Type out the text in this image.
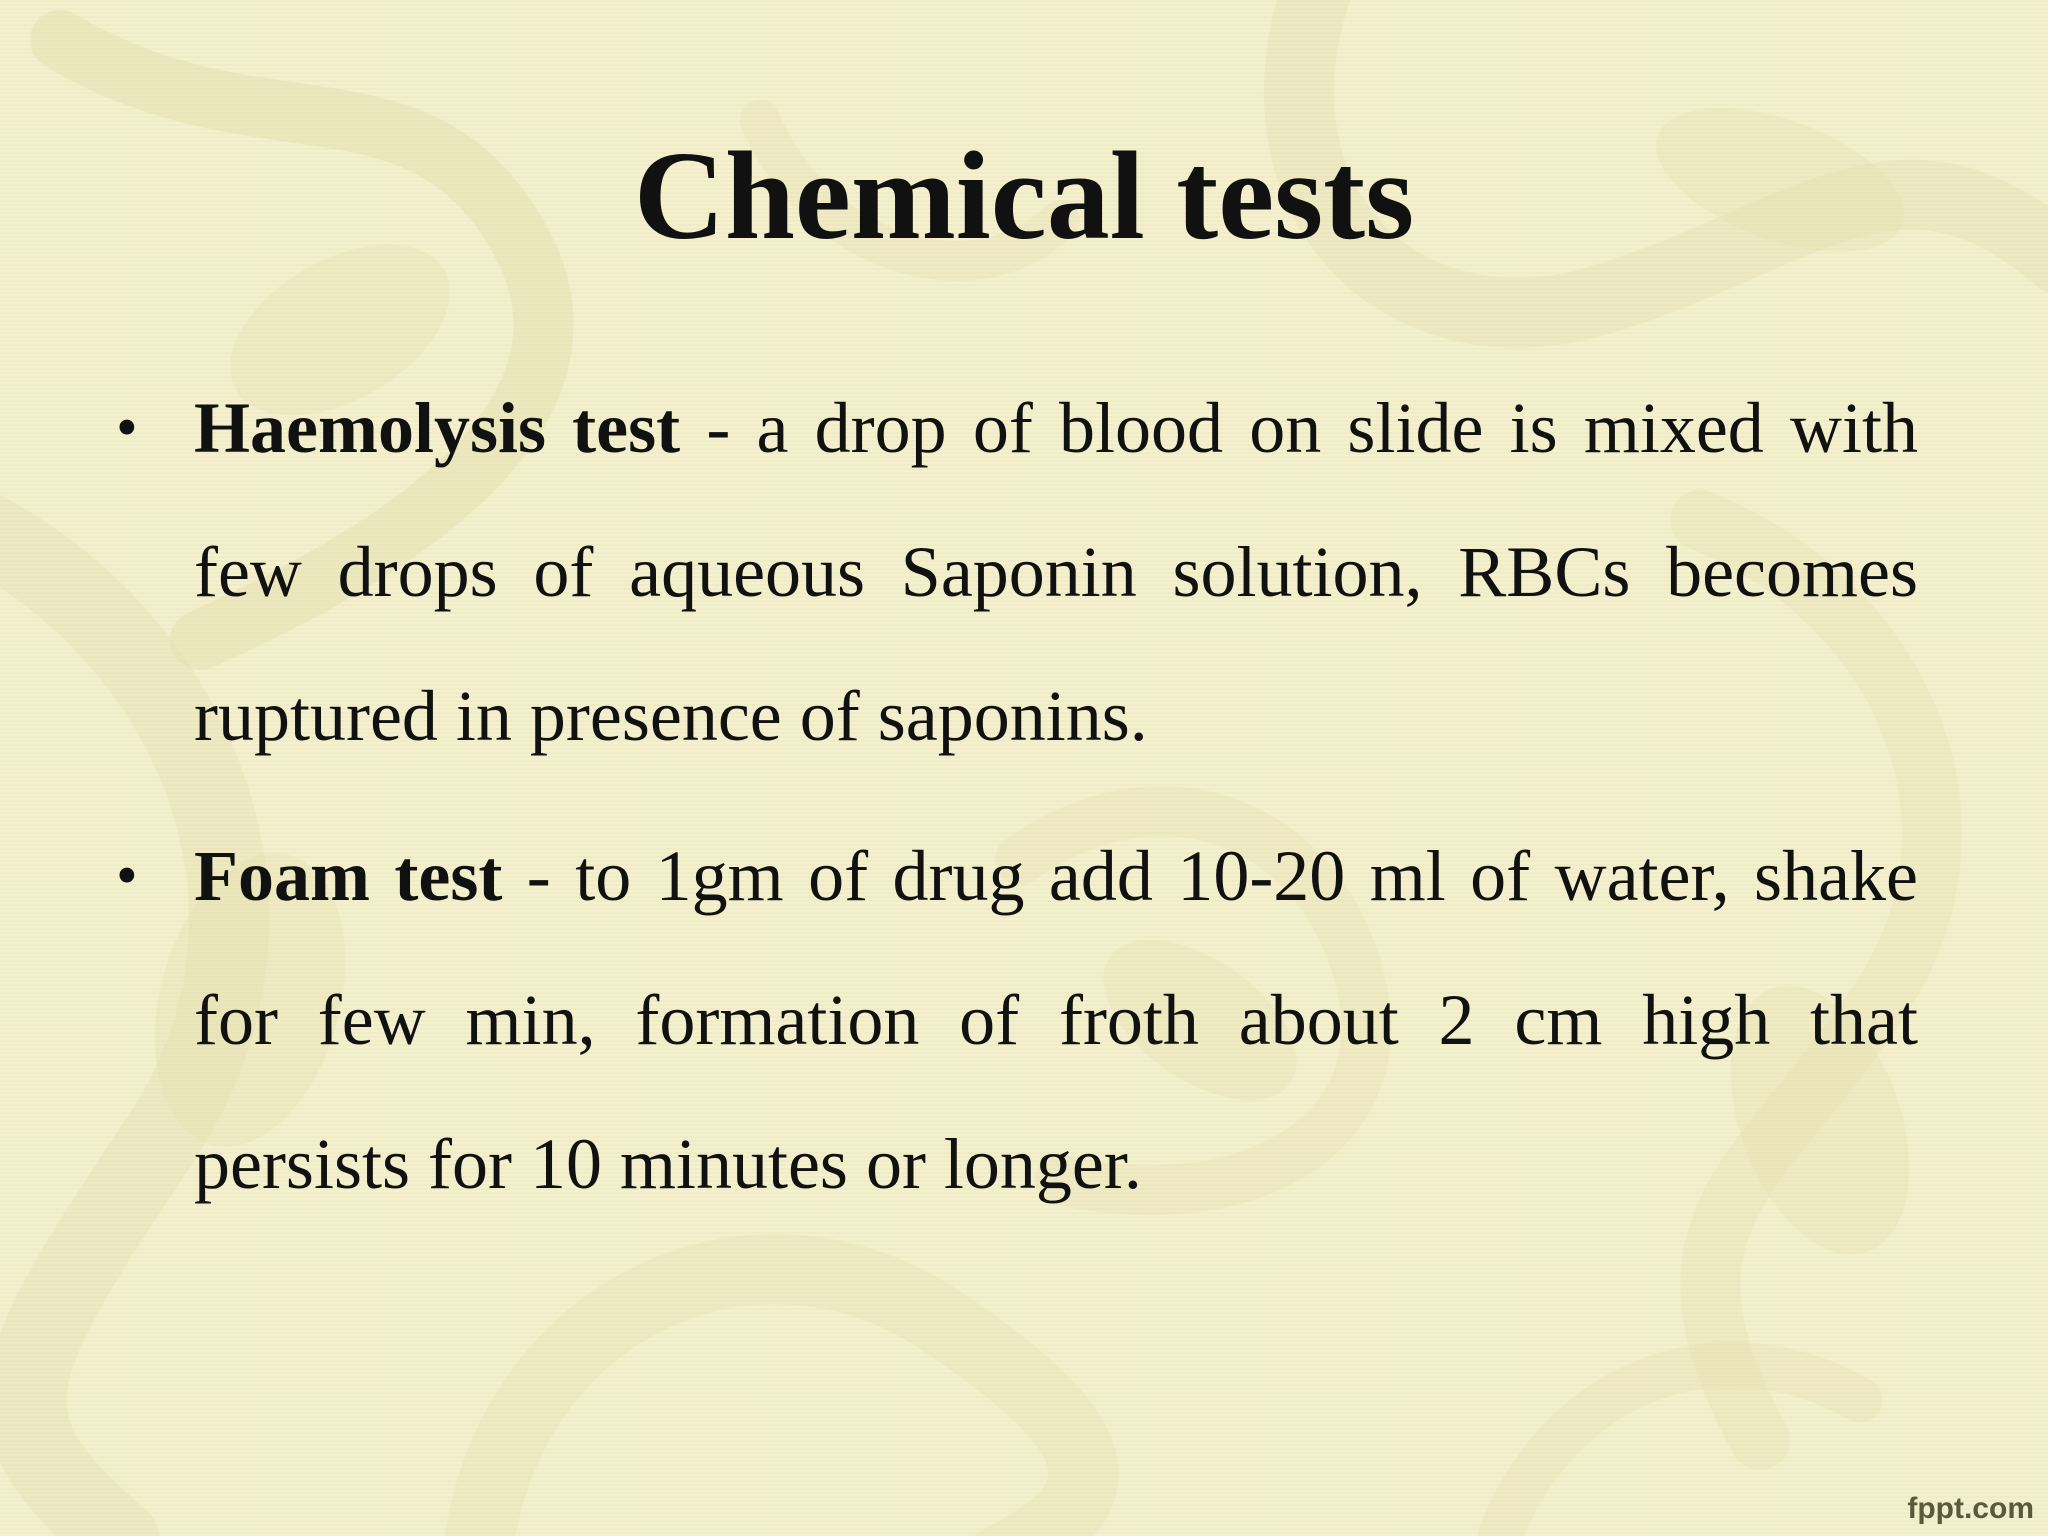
Chemical tests
• Haemolysis test - a drop of blood on slide is mixed with few drops of aqueous Saponin solution, RBCs becomes ruptured in presence of saponins.

• Foam test - to 1gm of drug add 10-20 ml of water, shake for few min, formation of froth about 2 cm high that persists for 10 minutes or longer.

fppt.com
